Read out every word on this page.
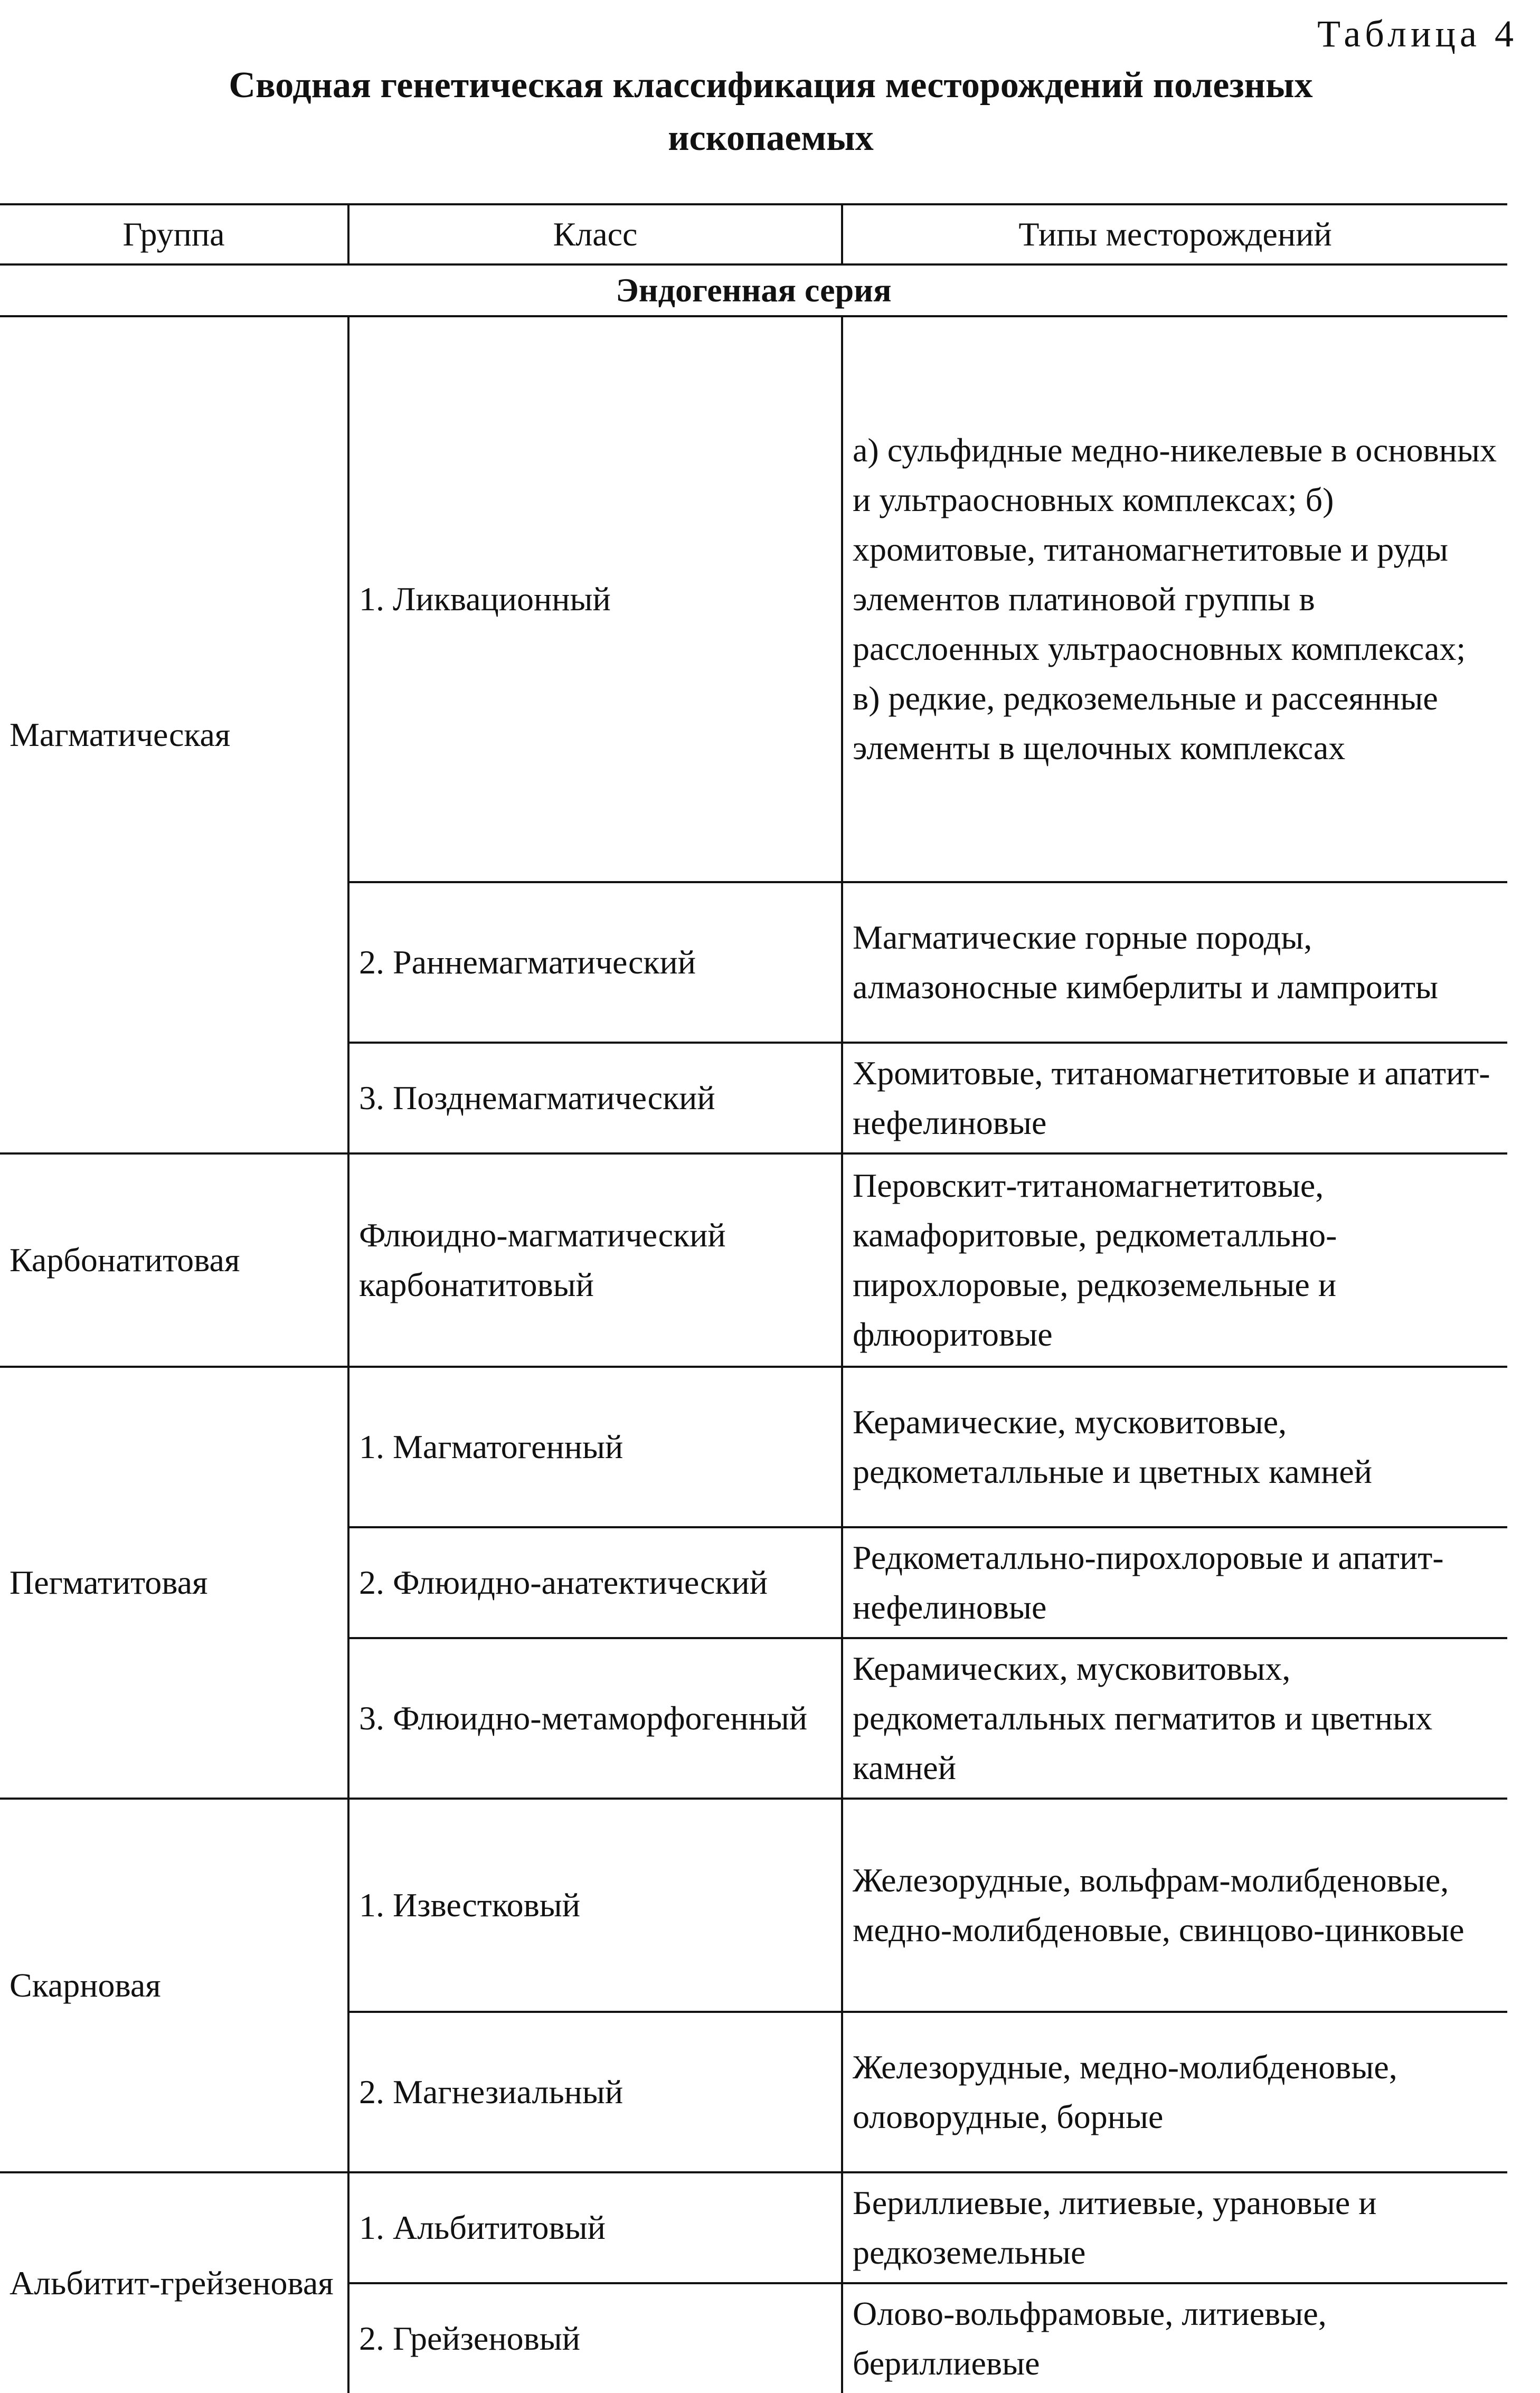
Таблица 4
Сводная генетическая классификация месторождений полезных
ископаемых
Группа	Класс	Типы месторождений
Эндогенная серия		
Магматическая	1. Ликвационный	а) сульфидные медно-никелевые в основных и ультраосновных комплексах; б) хромитовые, титаномагнетитовые и руды элементов платиновой группы в расслоенных ультраосновных комплексах; в) редкие, редкоземельные и рассеянные элементы в щелочных комплексах
	2. Раннемагматический	Магматические горные породы, алмазоносные кимберлиты и лампроиты
	3. Позднемагматический	Хромитовые, титаномагнетитовые и апатит-нефелиновые
Карбонатитовая	Флюидно-магматический карбонатитовый	Перовскит-титаномагнетитовые, камафоритовые, редкометалльно-пирохлоровые, редкоземельные и флюоритовые
Пегматитовая	1. Магматогенный	Керамические, мусковитовые, редкометалльные и цветных камней
	2. Флюидно-анатектический	Редкометалльно-пирохлоровые и апатит-нефелиновые
	3. Флюидно-метаморфогенный	Керамических, мусковитовых, редкометалльных пегматитов и цветных камней
Скарновая	1. Известковый	Железорудные, вольфрам-молибденовые, медно-молибденовые, свинцово-цинковые
	2. Магнезиальный	Железорудные, медно-молибденовые, оловорудные, борные
Альбитит-грейзеновая	1. Альбититовый	Бериллиевые, литиевые, урановые и редкоземельные
	2. Грейзеновый	Олово-вольфрамовые, литиевые, бериллиевые
